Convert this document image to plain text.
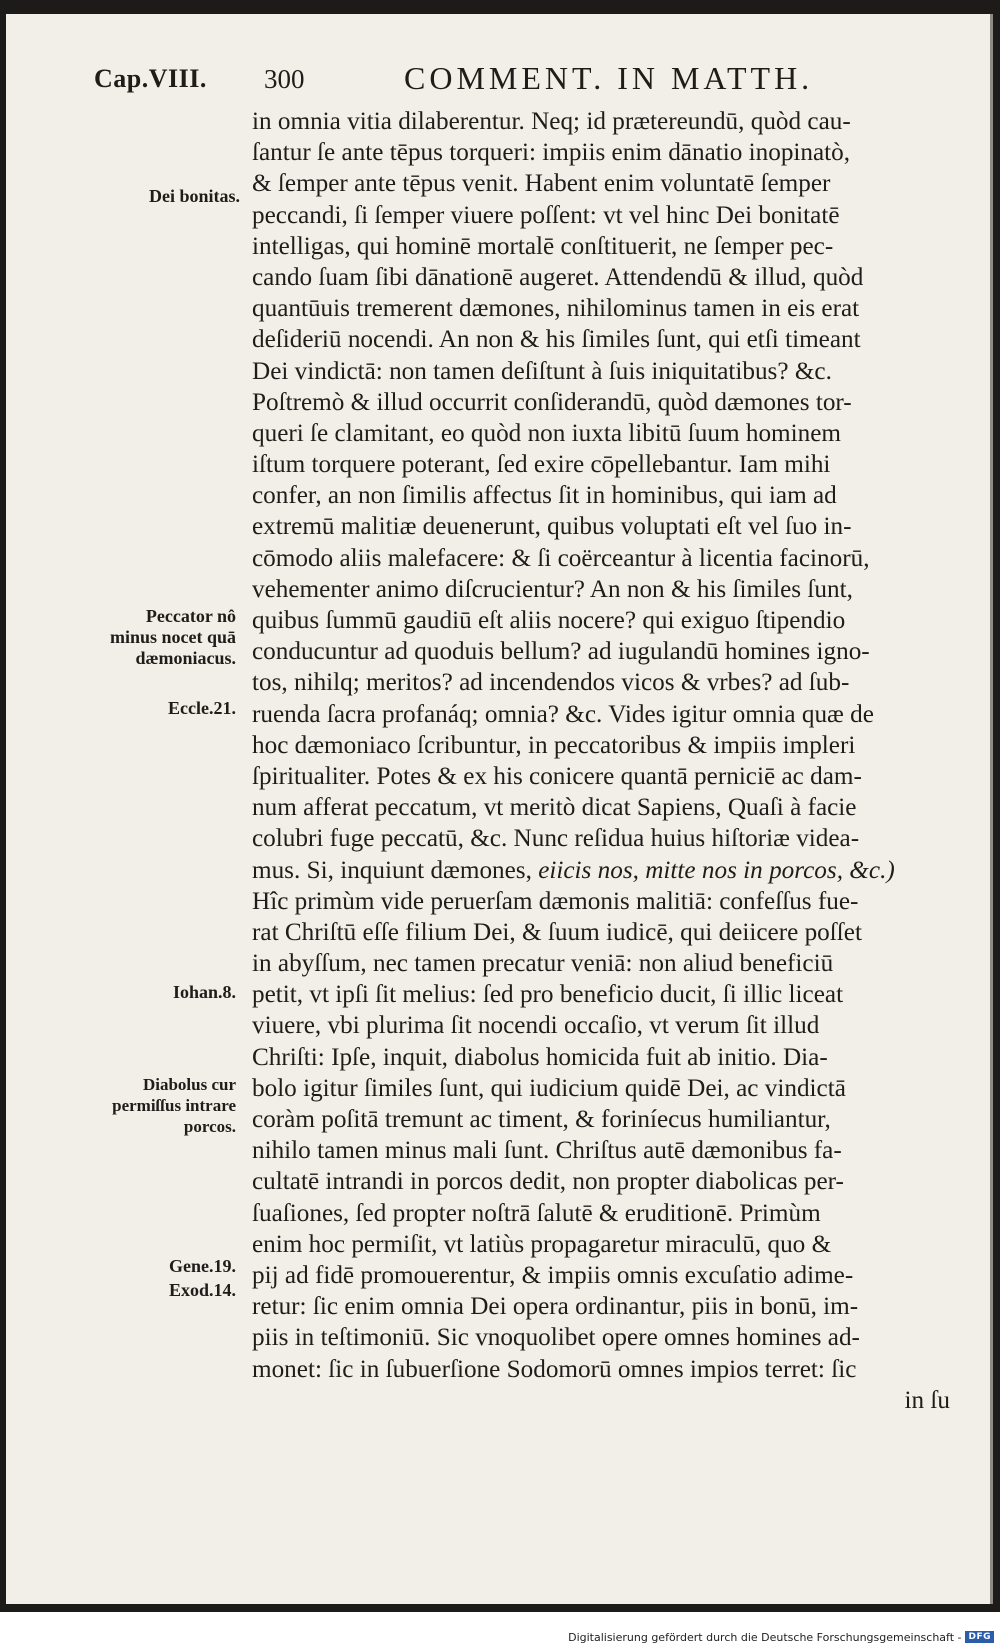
Cap.VIII. 300	COMMENT. IN MATTH.
Dei bonitas.
Peccator nô minus nocet quā dæmoniacus.
Eccle.21.
Iohan.8.
Diabolus cur permiſſus intrare porcos.
Gene.19.
Exod.14.
in omnia vitia dilaberentur. Neq; id prætereundū, quòd cau-
ſantur ſe ante tēpus torqueri: impiis enim dānatio inopinatò,
& ſemper ante tēpus venit. Habent enim voluntatē ſemper
peccandi, ſi ſemper viuere poſſent: vt vel hinc Dei bonitatē
intelligas, qui hominē mortalē conſtituerit, ne ſemper pec-
cando ſuam ſibi dānationē augeret. Attendendū & illud, quòd
quantūuis tremerent dæmones, nihilominus tamen in eis erat
deſideriū nocendi. An non & his ſimiles ſunt, qui etſi timeant
Dei vindictā: non tamen deſiſtunt à ſuis iniquitatibus? &c.
Poſtremò & illud occurrit conſiderandū, quòd dæmones tor-
queri ſe clamitant, eo quòd non iuxta libitū ſuum hominem
iſtum torquere poterant, ſed exire cōpellebantur. Iam mihi
confer, an non ſimilis affectus ſit in hominibus, qui iam ad
extremū malitiæ deuenerunt, quibus voluptati eſt vel ſuo in-
cōmodo aliis malefacere: & ſi coërceantur à licentia facinorū,
vehementer animo diſcrucientur? An non & his ſimiles ſunt,
quibus ſummū gaudiū eſt aliis nocere? qui exiguo ſtipendio
conducuntur ad quoduis bellum? ad iugulandū homines igno-
tos, nihilq; meritos? ad incendendos vicos & vrbes? ad ſub-
ruenda ſacra profanáq; omnia? &c. Vides igitur omnia quæ de
hoc dæmoniaco ſcribuntur, in peccatoribus & impiis impleri
ſpiritualiter. Potes & ex his conicere quantā perniciē ac dam-
num afferat peccatum, vt meritò dicat Sapiens, Quaſi à facie
colubri fuge peccatū, &c. Nunc reſidua huius hiſtoriæ videa-
mus. Si, inquiunt dæmones, eiicis nos, mitte nos in porcos, &c.)
Hîc primùm vide peruerſam dæmonis malitiā: confeſſus fue-
rat Chriſtū eſſe filium Dei, & ſuum iudicē, qui deiicere poſſet
in abyſſum, nec tamen precatur veniā: non aliud beneficiū
petit, vt ipſi ſit melius: ſed pro beneficio ducit, ſi illic liceat
viuere, vbi plurima ſit nocendi occaſio, vt verum ſit illud
Chriſti: Ipſe, inquit, diabolus homicida fuit ab initio. Dia-
bolo igitur ſimiles ſunt, qui iudicium quidē Dei, ac vindictā
coràm poſitā tremunt ac timent, & foriníecus humiliantur,
nihilo tamen minus mali ſunt. Chriſtus autē dæmonibus fa-
cultatē intrandi in porcos dedit, non propter diabolicas per-
ſuaſiones, ſed propter noſtrā ſalutē & eruditionē. Primùm
enim hoc permiſit, vt latiùs propagaretur miraculū, quo &
pij ad fidē promouerentur, & impiis omnis excuſatio adime-
retur: ſic enim omnia Dei opera ordinantur, piis in bonū, im-
piis in teſtimoniū. Sic vnoquolibet opere omnes homines ad-
monet: ſic in ſubuerſione Sodomorū omnes impios terret: ſic
in ſu
Digitalisierung gefördert durch die Deutsche Forschungsgemeinschaft - DFG
